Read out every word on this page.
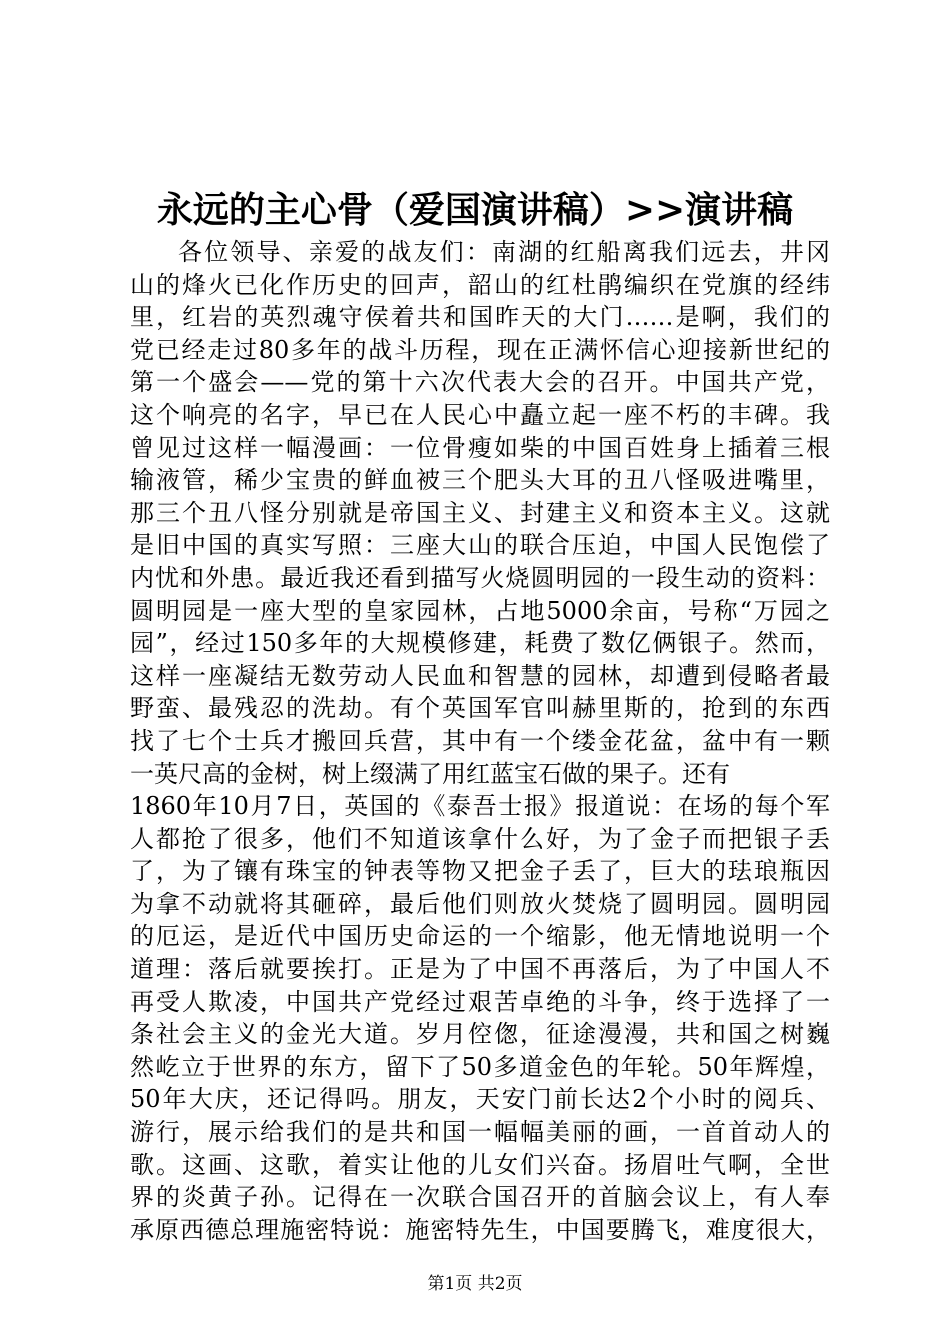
永远的主心骨（爱国演讲稿）>>演讲稿
各位领导、亲爱的战友们：南湖的红船离我们远去，井冈
山的烽火已化作历史的回声，韶山的红杜鹃编织在党旗的经纬
里，红岩的英烈魂守侯着共和国昨天的大门……是啊，我们的
党已经走过80多年的战斗历程，现在正满怀信心迎接新世纪的
第一个盛会——党的第十六次代表大会的召开。中国共产党，
这个响亮的名字，早已在人民心中矗立起一座不朽的丰碑。我
曾见过这样一幅漫画：一位骨瘦如柴的中国百姓身上插着三根
输液管，稀少宝贵的鲜血被三个肥头大耳的丑八怪吸进嘴里，
那三个丑八怪分别就是帝国主义、封建主义和资本主义。这就
是旧中国的真实写照：三座大山的联合压迫，中国人民饱偿了
内忧和外患。最近我还看到描写火烧圆明园的一段生动的资料：
圆明园是一座大型的皇家园林，占地5000余亩，号称“万园之
园”，经过150多年的大规模修建，耗费了数亿俩银子。然而，
这样一座凝结无数劳动人民血和智慧的园林，却遭到侵略者最
野蛮、最残忍的洗劫。有个英国军官叫赫里斯的，抢到的东西
找了七个士兵才搬回兵营，其中有一个缕金花盆，盆中有一颗
一英尺高的金树，树上缀满了用红蓝宝石做的果子。还有
1860年10月7日，英国的《泰吾士报》报道说：在场的每个军
人都抢了很多，他们不知道该拿什么好，为了金子而把银子丢
了，为了镶有珠宝的钟表等物又把金子丢了，巨大的珐琅瓶因
为拿不动就将其砸碎，最后他们则放火焚烧了圆明园。圆明园
的厄运，是近代中国历史命运的一个缩影，他无情地说明一个
道理：落后就要挨打。正是为了中国不再落后，为了中国人不
再受人欺凌，中国共产党经过艰苦卓绝的斗争，终于选择了一
条社会主义的金光大道。岁月倥偬，征途漫漫，共和国之树巍
然屹立于世界的东方，留下了50多道金色的年轮。50年辉煌，
50年大庆，还记得吗。朋友，天安门前长达2个小时的阅兵、
游行，展示给我们的是共和国一幅幅美丽的画，一首首动人的
歌。这画、这歌，着实让他的儿女们兴奋。扬眉吐气啊，全世
界的炎黄子孙。记得在一次联合国召开的首脑会议上，有人奉
承原西德总理施密特说：施密特先生，中国要腾飞，难度很大，
第1页 共2页
